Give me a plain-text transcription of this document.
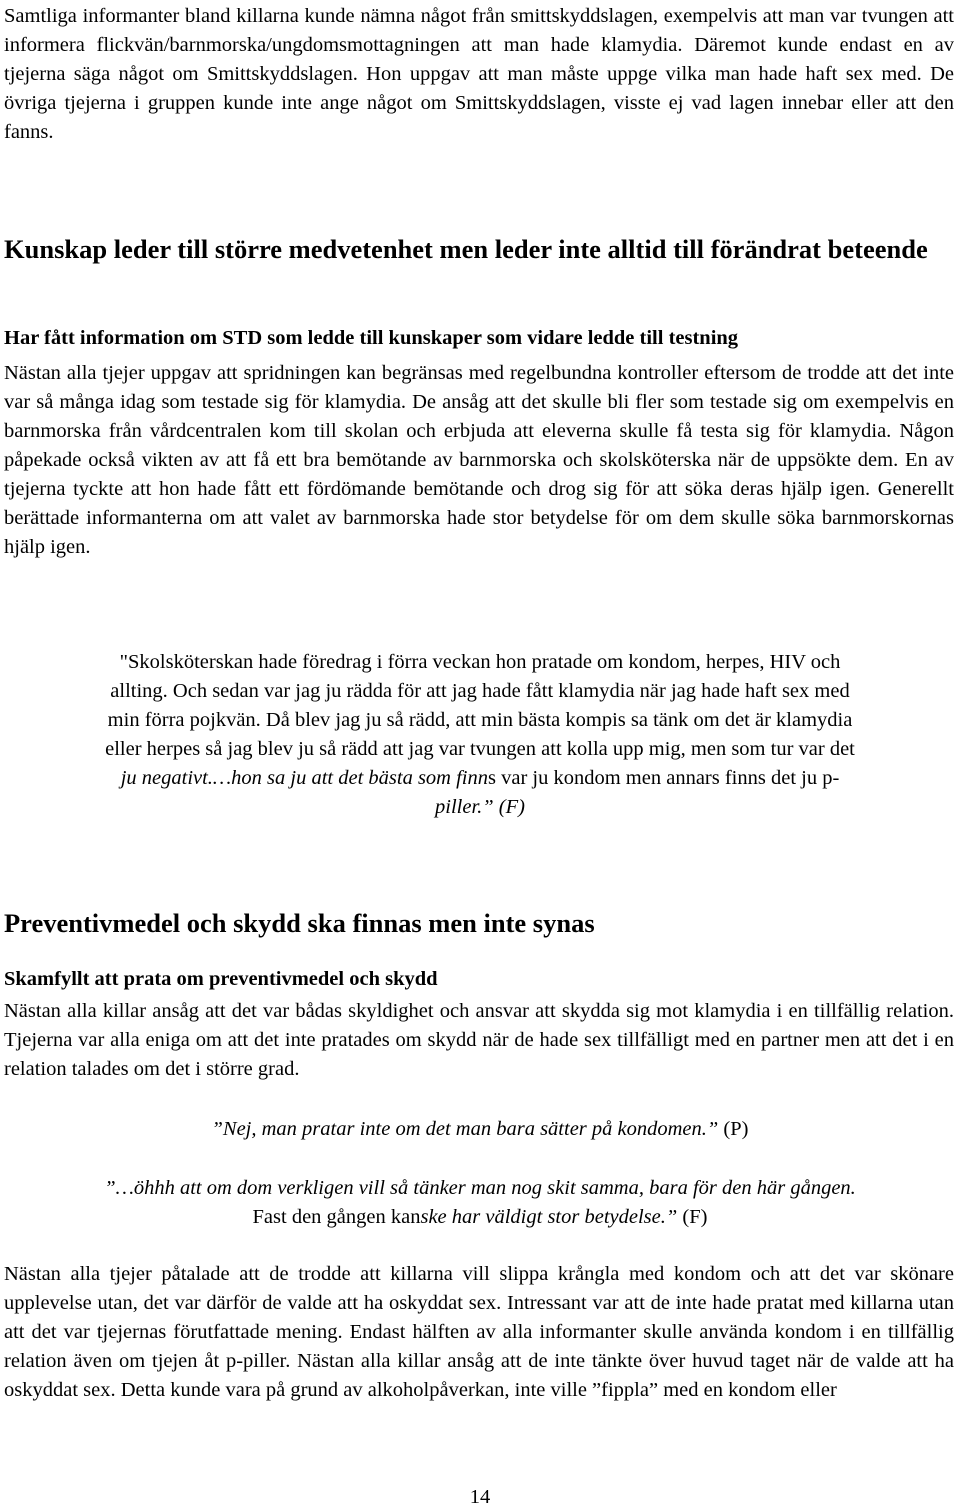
Samtliga informanter bland killarna kunde nämna något från smittskyddslagen, exempelvis att man var tvungen att informera flickvän/barnmorska/ungdomsmottagningen att man hade klamydia. Däremot kunde endast en av tjejerna säga något om Smittskyddslagen. Hon uppgav att man måste uppge vilka man hade haft sex med. De övriga tjejerna i gruppen kunde inte ange något om Smittskyddslagen, visste ej vad lagen innebar eller att den fanns.

Kunskap leder till större medvetenhet men leder inte alltid till förändrat beteende
Har fått information om STD som ledde till kunskaper som vidare ledde till testning

Nästan alla tjejer uppgav att spridningen kan begränsas med regelbundna kontroller eftersom de trodde att det inte var så många idag som testade sig för klamydia. De ansåg att det skulle bli fler som testade sig om exempelvis en barnmorska från vårdcentralen kom till skolan och erbjuda att eleverna skulle få testa sig för klamydia. Någon påpekade också vikten av att få ett bra bemötande av barnmorska och skolsköterska när de uppsökte dem. En av tjejerna tyckte att hon hade fått ett fördömande bemötande och drog sig för att söka deras hjälp igen. Generellt berättade informanterna om att valet av barnmorska hade stor betydelse för om dem skulle söka barnmorskornas hjälp igen.

"Skolsköterskan hade föredrag i förra veckan hon pratade om kondom, herpes, HIV och
allting. Och sedan var jag ju rädda för att jag hade fått klamydia när jag hade haft sex med
min förra pojkvän. Då blev jag ju så rädd, att min bästa kompis sa tänk om det är klamydia
eller herpes så jag blev ju så rädd att jag var tvungen att kolla upp mig, men som tur var det
ju negativt.…hon sa ju att det bästa som finns var ju kondom men annars finns det ju p-
piller.” (F)
Preventivmedel och skydd ska finnas men inte synas
Skamfyllt att prata om preventivmedel och skydd

Nästan alla killar ansåg att det var bådas skyldighet och ansvar att skydda sig mot klamydia i en tillfällig relation. Tjejerna var alla eniga om att det inte pratades om skydd när de hade sex tillfälligt med en partner men att det i en relation talades om det i större grad.

”Nej, man pratar inte om det man bara sätter på kondomen.” (P)
”…öhhh att om dom verkligen vill så tänker man nog skit samma, bara för den här gången.
Fast den gången kanske har väldigt stor betydelse.” (F)

Nästan alla tjejer påtalade att de trodde att killarna vill slippa krångla med kondom och att det var skönare upplevelse utan, det var därför de valde att ha oskyddat sex. Intressant var att de inte hade pratat med killarna utan att det var tjejernas förutfattade mening. Endast hälften av alla informanter skulle använda kondom i en tillfällig relation även om tjejen åt p-piller. Nästan alla killar ansåg att de inte tänkte över huvud taget när de valde att ha oskyddat sex. Detta kunde vara på grund av alkoholpåverkan, inte ville ”fippla” med en kondom eller

14
